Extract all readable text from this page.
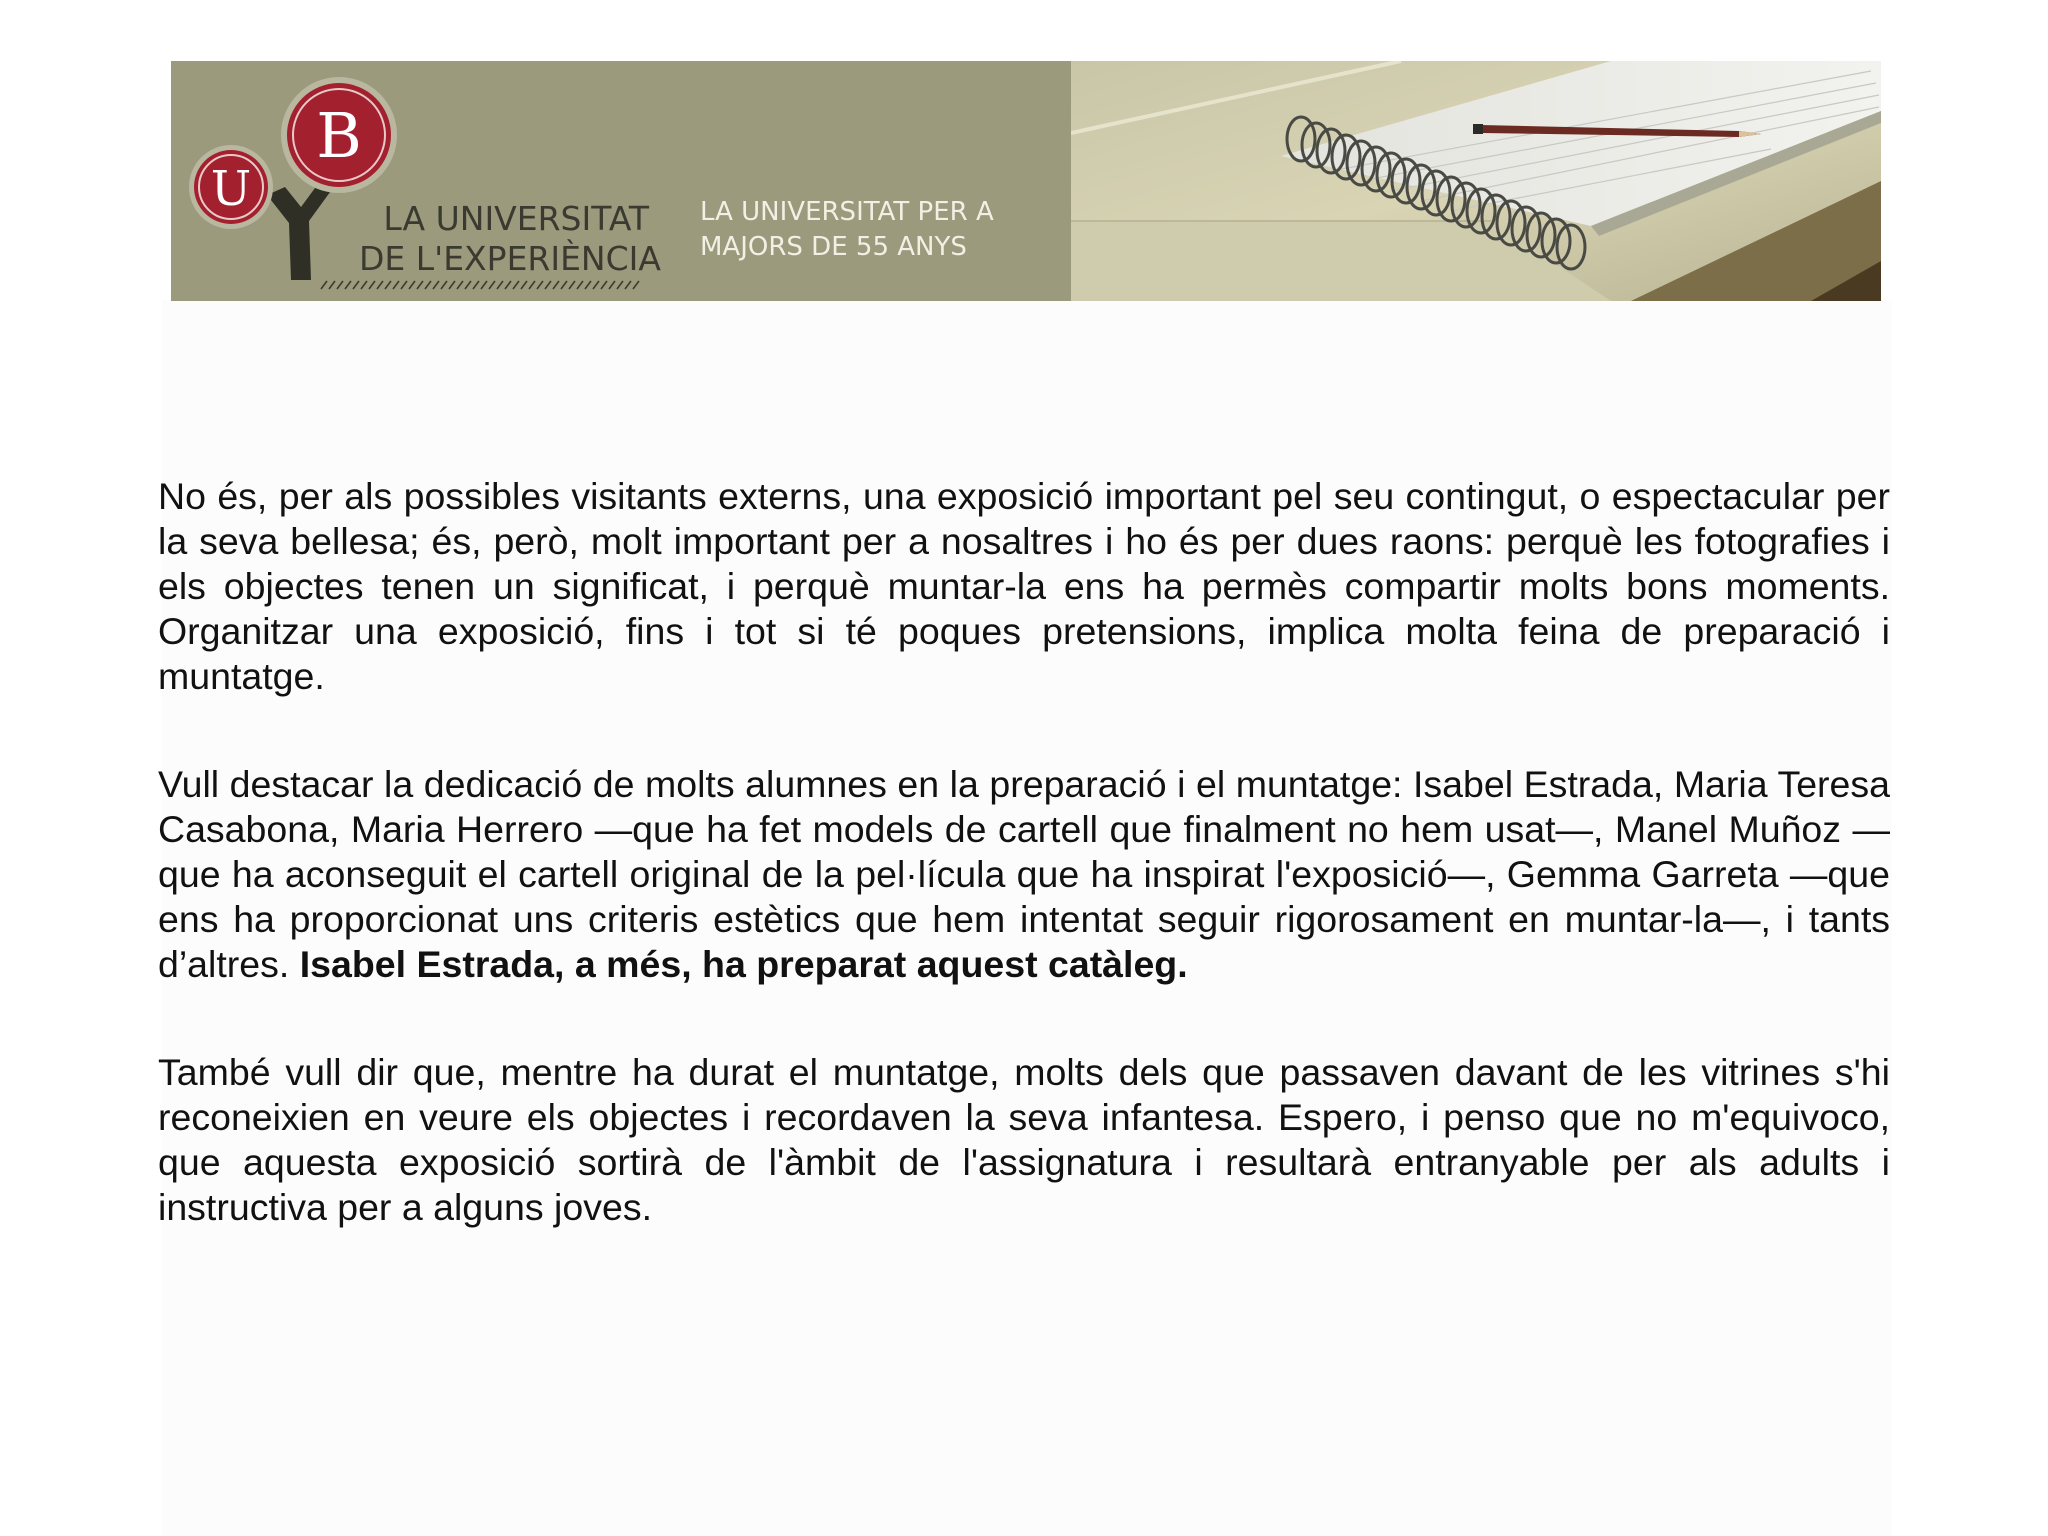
B
U
LA UNIVERSITAT
DE L'EXPERIÈNCIA
LA UNIVERSITAT PER A
MAJORS DE 55 ANYS

No és, per als possibles visitants externs, una exposició important pel seu contingut, o espectacular per la seva bellesa; és, però, molt important per a nosaltres i ho és per dues raons: perquè les fotografies i els objectes tenen un significat, i perquè muntar-la ens ha permès compartir molts bons moments. Organitzar una exposició, fins i tot si té poques pretensions, implica molta feina de preparació i muntatge.

Vull destacar la dedicació de molts alumnes en la preparació i el muntatge: Isabel Estrada, Maria Teresa Casabona, Maria Herrero —que ha fet models de cartell que finalment no hem usat—, Manel Muñoz —que ha aconseguit el cartell original de la pel·lícula que ha inspirat l'exposició—, Gemma Garreta —que ens ha proporcionat uns criteris estètics que hem intentat seguir rigorosament en muntar-la—, i tants d’altres. Isabel Estrada, a més, ha preparat aquest catàleg.

També vull dir que, mentre ha durat el muntatge, molts dels que passaven davant de les vitrines s'hi reconeixien en veure els objectes i recordaven la seva infantesa. Espero, i penso que no m'equivoco, que aquesta exposició sortirà de l'àmbit de l'assignatura i resultarà entranyable per als adults i instructiva per a alguns joves.
